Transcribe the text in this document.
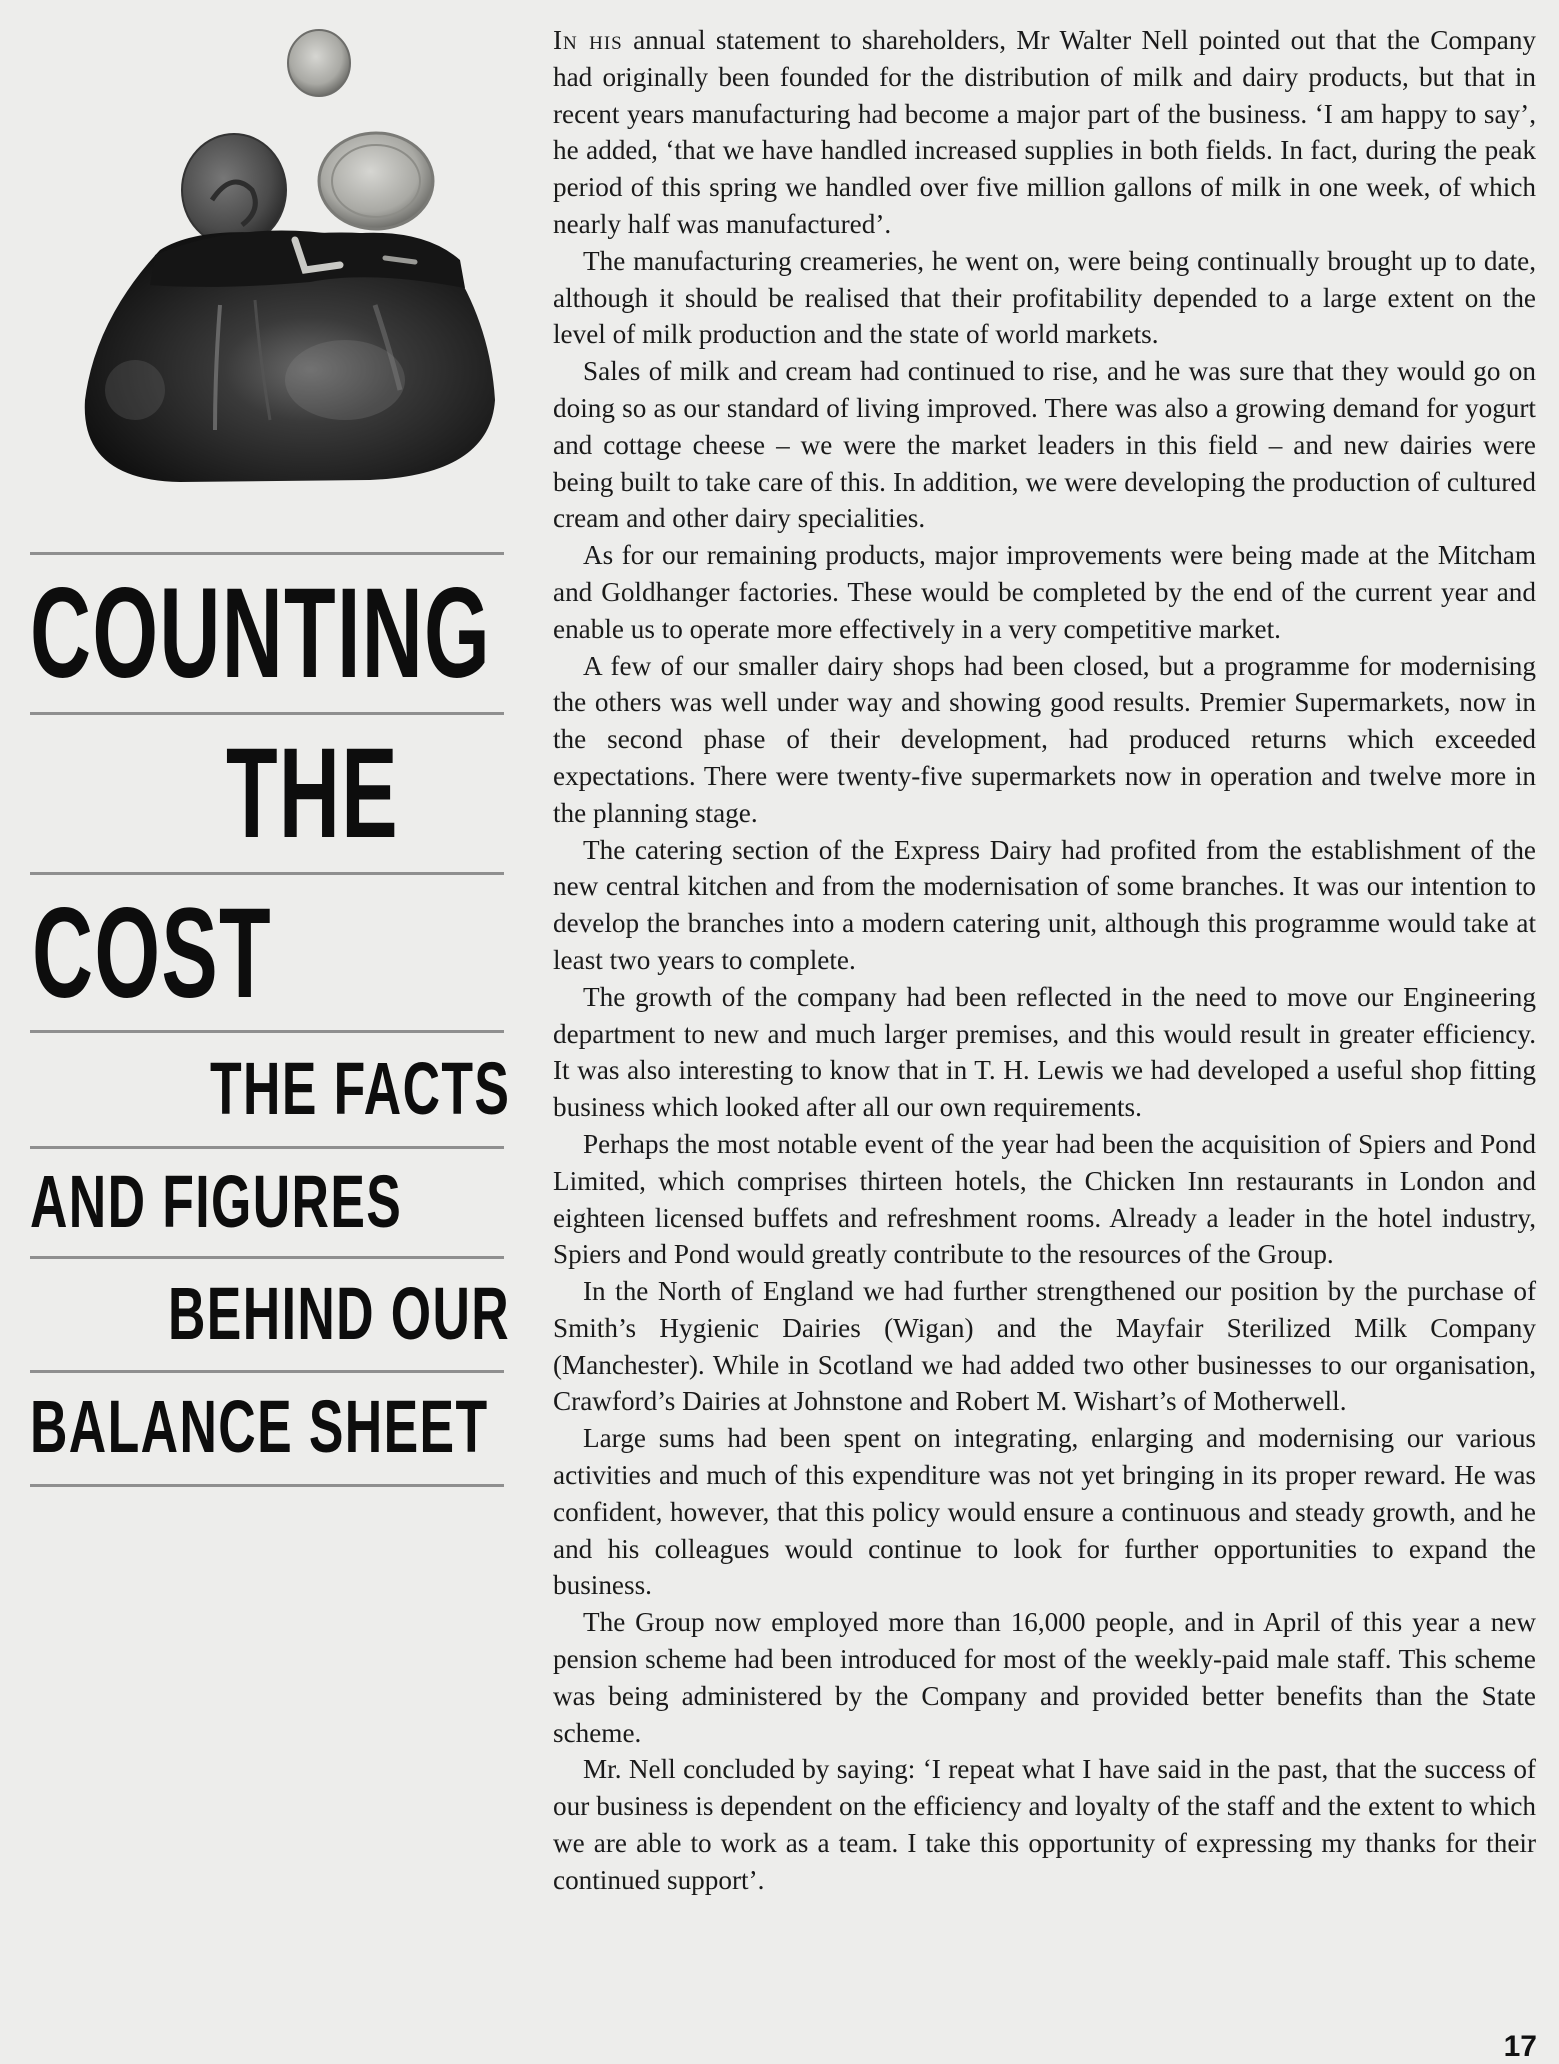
COUNTING
THE
COST
THE FACTS
AND FIGURES
BEHIND OUR
BALANCE SHEET

In his annual statement to shareholders, Mr Walter Nell pointed out that the Company had originally been founded for the distribution of milk and dairy products, but that in recent years manufacturing had become a major part of the business. ‘I am happy to say’, he added, ‘that we have handled increased supplies in both fields. In fact, during the peak period of this spring we handled over five million gallons of milk in one week, of which nearly half was manufactured’.

The manufacturing creameries, he went on, were being continually brought up to date, although it should be realised that their profitability depended to a large extent on the level of milk production and the state of world markets.

Sales of milk and cream had continued to rise, and he was sure that they would go on doing so as our standard of living improved. There was also a growing demand for yogurt and cottage cheese – we were the market leaders in this field – and new dairies were being built to take care of this. In addition, we were developing the production of cultured cream and other dairy specialities.

As for our remaining products, major improvements were being made at the Mitcham and Goldhanger factories. These would be completed by the end of the current year and enable us to operate more effectively in a very competitive market.

A few of our smaller dairy shops had been closed, but a programme for modernising the others was well under way and showing good results. Premier Supermarkets, now in the second phase of their development, had produced returns which exceeded expectations. There were twenty-five supermarkets now in operation and twelve more in the planning stage.

The catering section of the Express Dairy had profited from the establishment of the new central kitchen and from the modernisation of some branches. It was our intention to develop the branches into a modern catering unit, although this programme would take at least two years to complete.

The growth of the company had been reflected in the need to move our Engineering department to new and much larger premises, and this would result in greater efficiency. It was also interesting to know that in T. H. Lewis we had developed a useful shop fitting business which looked after all our own requirements.

Perhaps the most notable event of the year had been the acquisition of Spiers and Pond Limited, which comprises thirteen hotels, the Chicken Inn restaurants in London and eighteen licensed buffets and refreshment rooms. Already a leader in the hotel industry, Spiers and Pond would greatly contribute to the resources of the Group.

In the North of England we had further strengthened our position by the purchase of Smith’s Hygienic Dairies (Wigan) and the Mayfair Sterilized Milk Company (Manchester). While in Scotland we had added two other businesses to our organisation, Crawford’s Dairies at Johnstone and Robert M. Wishart’s of Motherwell.

Large sums had been spent on integrating, enlarging and modernising our various activities and much of this expenditure was not yet bringing in its proper reward. He was confident, however, that this policy would ensure a continuous and steady growth, and he and his colleagues would continue to look for further opportunities to expand the business.

The Group now employed more than 16,000 people, and in April of this year a new pension scheme had been introduced for most of the weekly-paid male staff. This scheme was being administered by the Company and provided better benefits than the State scheme.

Mr. Nell concluded by saying: ‘I repeat what I have said in the past, that the success of our business is dependent on the efficiency and loyalty of the staff and the extent to which we are able to work as a team. I take this opportunity of expressing my thanks for their continued support’.

17
